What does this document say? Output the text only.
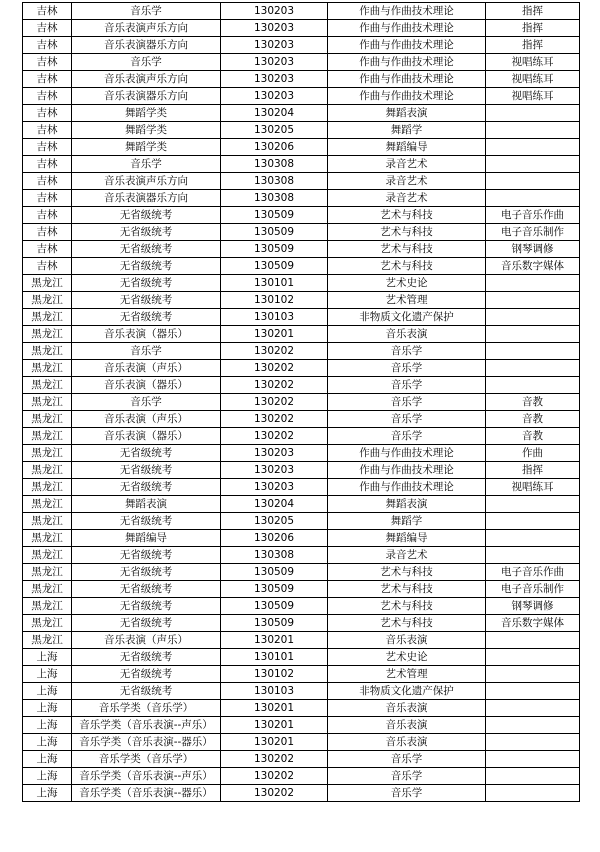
吉林	音乐学	130203	作曲与作曲技术理论	指挥
吉林	音乐表演声乐方向	130203	作曲与作曲技术理论	指挥
吉林	音乐表演器乐方向	130203	作曲与作曲技术理论	指挥
吉林	音乐学	130203	作曲与作曲技术理论	视唱练耳
吉林	音乐表演声乐方向	130203	作曲与作曲技术理论	视唱练耳
吉林	音乐表演器乐方向	130203	作曲与作曲技术理论	视唱练耳
吉林	舞蹈学类	130204	舞蹈表演	
吉林	舞蹈学类	130205	舞蹈学	
吉林	舞蹈学类	130206	舞蹈编导	
吉林	音乐学	130308	录音艺术	
吉林	音乐表演声乐方向	130308	录音艺术	
吉林	音乐表演器乐方向	130308	录音艺术	
吉林	无省级统考	130509	艺术与科技	电子音乐作曲
吉林	无省级统考	130509	艺术与科技	电子音乐制作
吉林	无省级统考	130509	艺术与科技	钢琴调修
吉林	无省级统考	130509	艺术与科技	音乐数字媒体
黑龙江	无省级统考	130101	艺术史论	
黑龙江	无省级统考	130102	艺术管理	
黑龙江	无省级统考	130103	非物质文化遗产保护	
黑龙江	音乐表演（器乐）	130201	音乐表演	
黑龙江	音乐学	130202	音乐学	
黑龙江	音乐表演（声乐）	130202	音乐学	
黑龙江	音乐表演（器乐）	130202	音乐学	
黑龙江	音乐学	130202	音乐学	音教
黑龙江	音乐表演（声乐）	130202	音乐学	音教
黑龙江	音乐表演（器乐）	130202	音乐学	音教
黑龙江	无省级统考	130203	作曲与作曲技术理论	作曲
黑龙江	无省级统考	130203	作曲与作曲技术理论	指挥
黑龙江	无省级统考	130203	作曲与作曲技术理论	视唱练耳
黑龙江	舞蹈表演	130204	舞蹈表演	
黑龙江	无省级统考	130205	舞蹈学	
黑龙江	舞蹈编导	130206	舞蹈编导	
黑龙江	无省级统考	130308	录音艺术	
黑龙江	无省级统考	130509	艺术与科技	电子音乐作曲
黑龙江	无省级统考	130509	艺术与科技	电子音乐制作
黑龙江	无省级统考	130509	艺术与科技	钢琴调修
黑龙江	无省级统考	130509	艺术与科技	音乐数字媒体
黑龙江	音乐表演（声乐）	130201	音乐表演	
上海	无省级统考	130101	艺术史论	
上海	无省级统考	130102	艺术管理	
上海	无省级统考	130103	非物质文化遗产保护	
上海	音乐学类（音乐学）	130201	音乐表演	
上海	音乐学类（音乐表演--声乐）	130201	音乐表演	
上海	音乐学类（音乐表演--器乐）	130201	音乐表演	
上海	音乐学类（音乐学）	130202	音乐学	
上海	音乐学类（音乐表演--声乐）	130202	音乐学	
上海	音乐学类（音乐表演--器乐）	130202	音乐学	
